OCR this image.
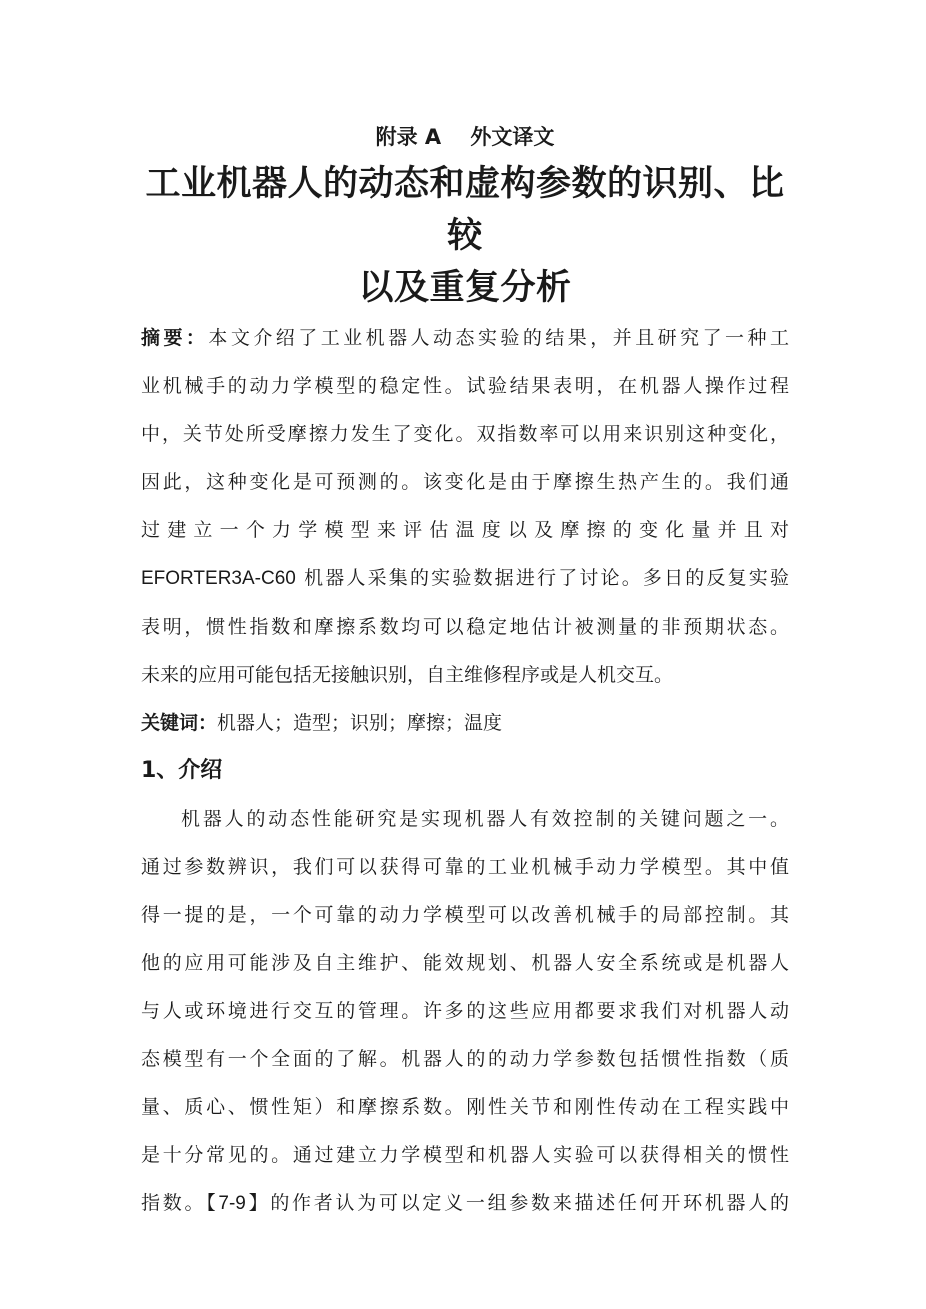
附录 A    外文译文

工业机器人的动态和虚构参数的识别、比较

以及重复分析

摘要：本文介绍了工业机器人动态实验的结果，并且研究了一种工

业机械手的动力学模型的稳定性。试验结果表明，在机器人操作过程

中，关节处所受摩擦力发生了变化。双指数率可以用来识别这种变化，

因此，这种变化是可预测的。该变化是由于摩擦生热产生的。我们通

过建立一个力学模型来评估温度以及摩擦的变化量并且对

EFORTER3A-C60 机器人采集的实验数据进行了讨论。多日的反复实验

表明，惯性指数和摩擦系数均可以稳定地估计被测量的非预期状态。

未来的应用可能包括无接触识别，自主维修程序或是人机交互。

关键词：机器人；造型；识别；摩擦；温度

1、介绍

机器人的动态性能研究是实现机器人有效控制的关键问题之一。

通过参数辨识，我们可以获得可靠的工业机械手动力学模型。其中值

得一提的是，一个可靠的动力学模型可以改善机械手的局部控制。其

他的应用可能涉及自主维护、能效规划、机器人安全系统或是机器人

与人或环境进行交互的管理。许多的这些应用都要求我们对机器人动

态模型有一个全面的了解。机器人的的动力学参数包括惯性指数（质

量、质心、惯性矩）和摩擦系数。刚性关节和刚性传动在工程实践中

是十分常见的。通过建立力学模型和机器人实验可以获得相关的惯性

指数。【7-9】的作者认为可以定义一组参数来描述任何开环机器人的
